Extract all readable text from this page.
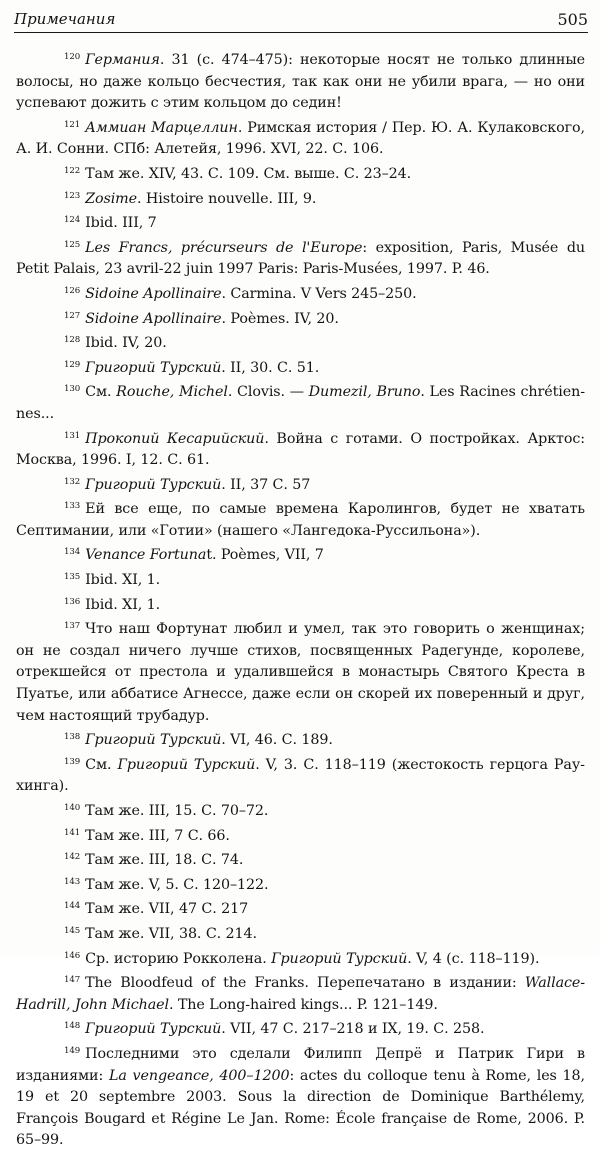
Примечания	505

$^{120}$ Германия. 31 (с. 474–475): некоторые носят не только длинные волосы, но даже кольцо бесчестия, так как они не убили врага, — но они успевают дожить с этим кольцом до седин!

$^{121}$ Аммиан Марцеллин. Римская история / Пер. Ю. А. Кулаковского, А. И. Сонни. СПб: Алетейя, 1996. XVI, 22. С. 106.

$^{122}$ Там же. XIV, 43. С. 109. См. выше. С. 23–24.

$^{123}$ Zosime. Histoire nouvelle. III, 9.

$^{124}$ Ibid. III, 7

$^{125}$ Les Francs, précurseurs de l'Europe: exposition, Paris, Musée du Petit Palais, 23 avril-22 juin 1997 Paris: Paris-Musées, 1997. P. 46.

$^{126}$ Sidoine Apollinaire. Carmina. V Vers 245–250.

$^{127}$ Sidoine Apollinaire. Poèmes. IV, 20.

$^{128}$ Ibid. IV, 20.

$^{129}$ Григорий Турский. II, 30. С. 51.

$^{130}$ См. Rouche, Michel. Clovis. — Dumezil, Bruno. Les Racines chrétiennes...

$^{131}$ Прокопий Кесарийский. Война с готами. О постройках. Арктос: Москва, 1996. I, 12. С. 61.

$^{132}$ Григорий Турский. II, 37 С. 57

$^{133}$ Ей все еще, по самые времена Каролингов, будет не хватать Септимании, или «Готии» (нашего «Лангедока-Руссильона»).

$^{134}$ Venance Fortunat. Poèmes, VII, 7

$^{135}$ Ibid. XI, 1.

$^{136}$ Ibid. XI, 1.

$^{137}$ Что наш Фортунат любил и умел, так это говорить о женщинах; он не создал ничего лучше стихов, посвященных Радегунде, королеве, отрекшейся от престола и удалившейся в монастырь Святого Креста в Пуатье, или аббатисе Агнессе, даже если он скорей их поверенный и друг, чем настоящий трубадур.

$^{138}$ Григорий Турский. VI, 46. С. 189.

$^{139}$ См. Григорий Турский. V, 3. С. 118–119 (жестокость герцога Раухинга).

$^{140}$ Там же. III, 15. С. 70–72.

$^{141}$ Там же. III, 7 С. 66.

$^{142}$ Там же. III, 18. С. 74.

$^{143}$ Там же. V, 5. С. 120–122.

$^{144}$ Там же. VII, 47 С. 217

$^{145}$ Там же. VII, 38. С. 214.

$^{146}$ Ср. историю Рокколена. Григорий Турский. V, 4 (с. 118–119).

$^{147}$ The Bloodfeud of the Franks. Перепечатано в издании: Wallace-Hadrill, John Michael. The Long-haired kings... P. 121–149.

$^{148}$ Григорий Турский. VII, 47 С. 217–218 и IX, 19. С. 258.

$^{149}$ Последними это сделали Филипп Депрё и Патрик Гири в изданиями: La vengeance, 400–1200: actes du colloque tenu à Rome, les 18, 19 et 20 septembre 2003. Sous la direction de Dominique Barthélemy, François Bougard et Régine Le Jan. Rome: École française de Rome, 2006. P. 65–99.
